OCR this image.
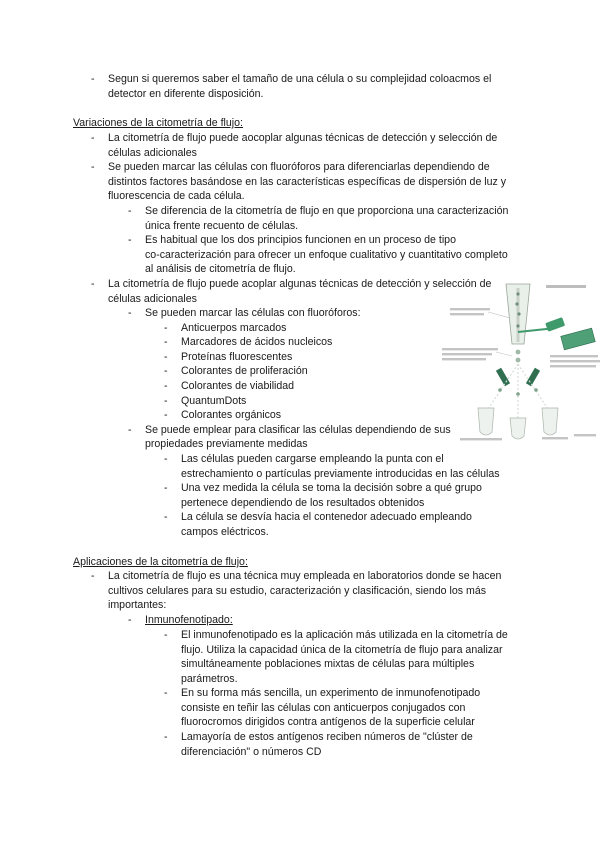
- Segun si queremos saber el tamaño de una célula o su complejidad coloacmos el
detector en diferente disposición.
Variaciones de la citometría de flujo:
- La citometría de flujo puede aocoplar algunas técnicas de detección y selección de
células adicionales
- Se pueden marcar las células con fluoróforos para diferenciarlas dependiendo de
distintos factores basándose en las características específicas de dispersión de luz y
fluorescencia de cada célula.
- Se diferencia de la citometría de flujo en que proporciona una caracterización
única frente recuento de células.
- Es habitual que los dos principios funcionen en un proceso de tipo
co-caracterización para ofrecer un enfoque cualitativo y cuantitativo completo
al análisis de citometría de flujo.
- La citometría de flujo puede acoplar algunas técnicas de detección y selección de
células adicionales
- Se pueden marcar las células con fluoróforos:
- Anticuerpos marcados
- Marcadores de ácidos nucleicos
- Proteínas fluorescentes
- Colorantes de proliferación
- Colorantes de viabilidad
- QuantumDots
- Colorantes orgánicos
- Se puede emplear para clasificar las células dependiendo de sus
propiedades previamente medidas
- Las células pueden cargarse empleando la punta con el
estrechamiento o partículas previamente introducidas en las células
- Una vez medida la célula se toma la decisión sobre a qué grupo
pertenece dependiendo de los resultados obtenidos
- La célula se desvía hacia el contenedor adecuado empleando
campos eléctricos.
Aplicaciones de la citometría de flujo:
- La citometría de flujo es una técnica muy empleada en laboratorios donde se hacen
cultivos celulares para su estudio, caracterización y clasificación, siendo los más
importantes:
- Inmunofenotipado:
- El inmunofenotipado es la aplicación más utilizada en la citometría de
flujo. Utiliza la capacidad única de la citometría de flujo para analizar
simultáneamente poblaciones mixtas de células para múltiples
parámetros.
- En su forma más sencilla, un experimento de inmunofenotipado
consiste en teñir las células con anticuerpos conjugados con
fluorocromos dirigidos contra antígenos de la superficie celular
- Lamayoría de estos antígenos reciben números de "clúster de
diferenciación" o números CD
